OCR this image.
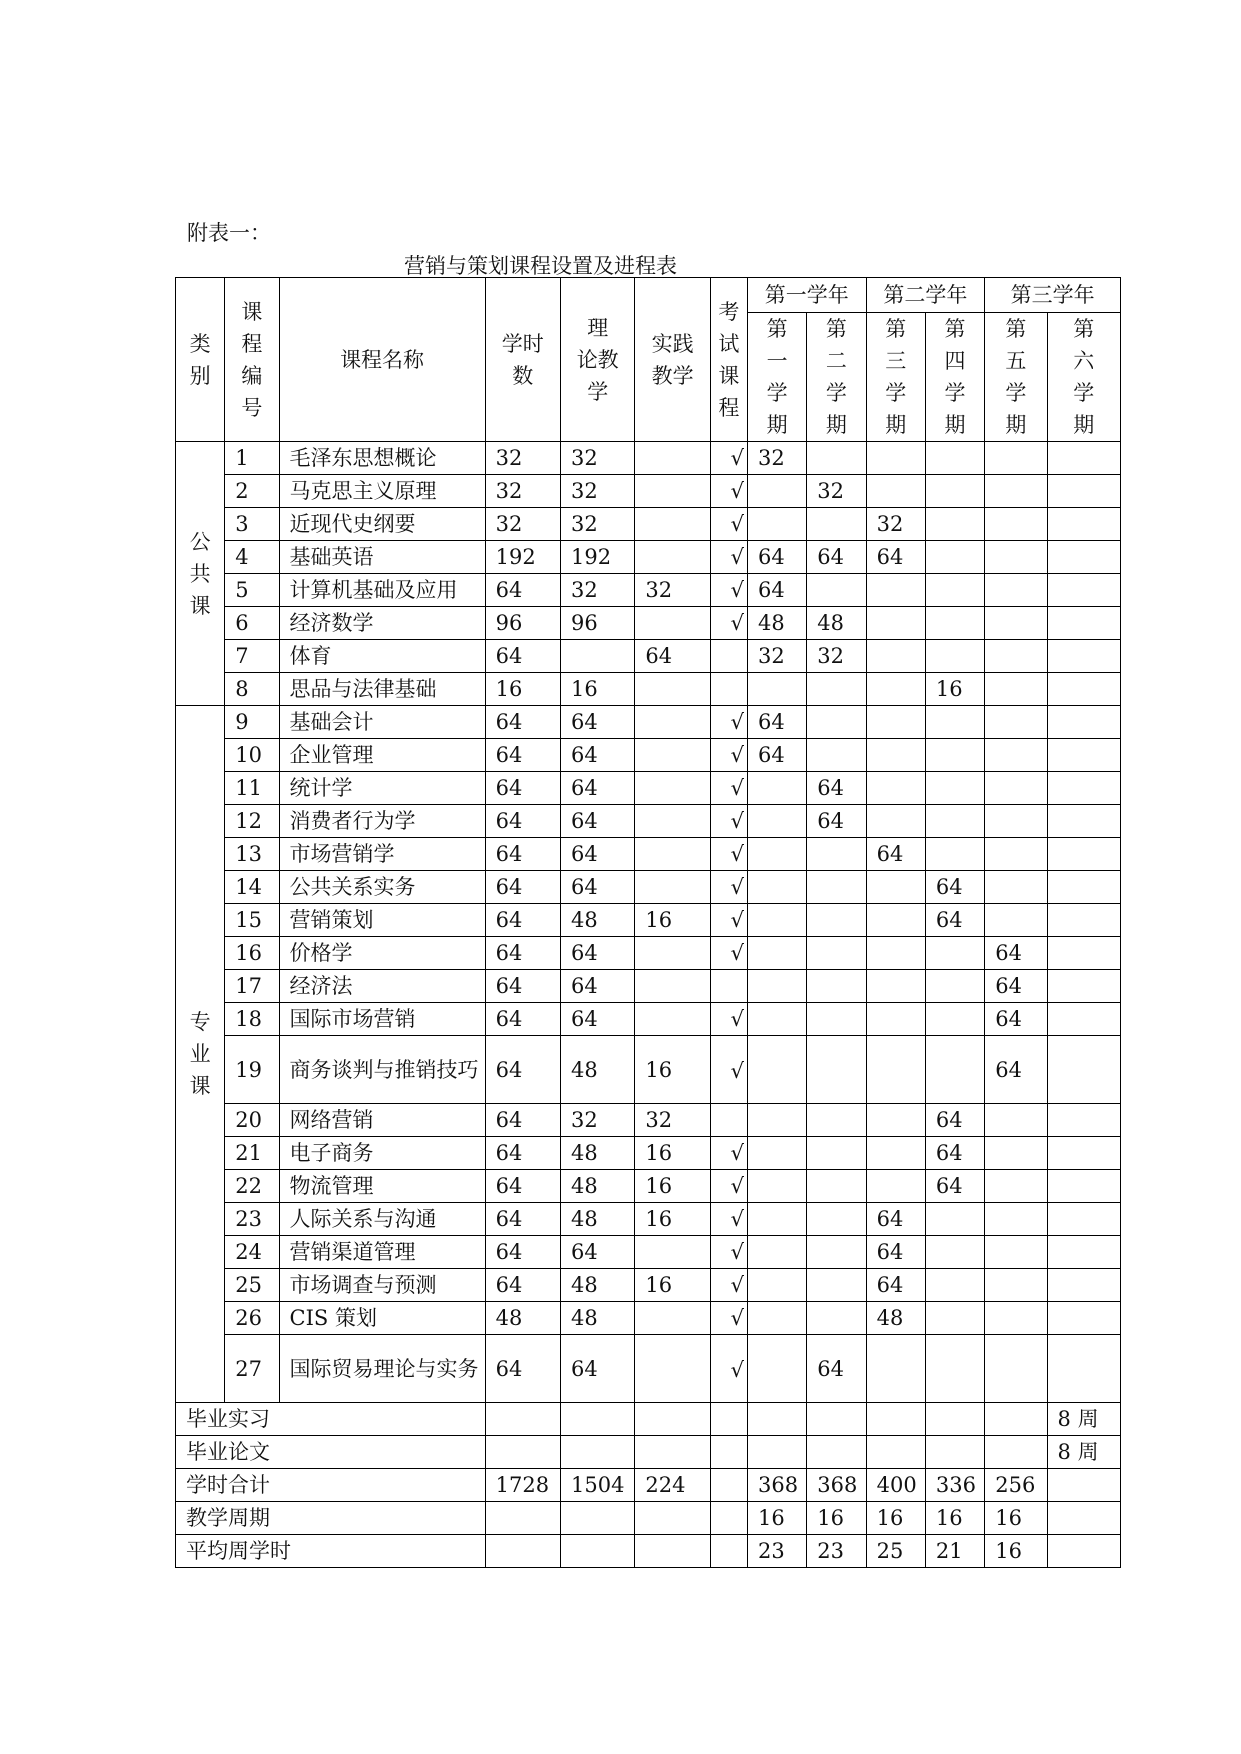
附表一：
营销与策划课程设置及进程表
类别	课程编号	课程名称	学时数	理 论教学	实践教学	考试课程	第一学年		第二学年		第三学年	
							第一学期	第二学期	第三学期	第四学期	第五学期	第六学期
公共课	1	毛泽东思想概论	32	32		√	32					
	2	马克思主义原理	32	32		√		32				
	3	近现代史纲要	32	32		√			32			
	4	基础英语	192	192		√	64	64	64			
	5	计算机基础及应用	64	32	32	√	64					
	6	经济数学	96	96		√	48	48				
	7	体育	64		64		32	32				
	8	思品与法律基础	16	16						16		
专业课	9	基础会计	64	64		√	64					
	10	企业管理	64	64		√	64					
	11	统计学	64	64		√		64				
	12	消费者行为学	64	64		√		64				
	13	市场营销学	64	64		√			64			
	14	公共关系实务	64	64		√				64		
	15	营销策划	64	48	16	√				64		
	16	价格学	64	64		√					64	
	17	经济法	64	64							64	
	18	国际市场营销	64	64		√					64	
	19	商务谈判与推销技巧	64	48	16	√					64	
	20	网络营销	64	32	32					64		
	21	电子商务	64	48	16	√				64		
	22	物流管理	64	48	16	√				64		
	23	人际关系与沟通	64	48	16	√			64			
	24	营销渠道管理	64	64		√			64			
	25	市场调查与预测	64	48	16	√			64			
	26	CIS 策划	48	48		√			48			
	27	国际贸易理论与实务	64	64		√		64				
毕业实习												8 周
毕业论文												8 周
学时合计			1728	1504	224		368	368	400	336	256	
教学周期							16	16	16	16	16	
平均周学时							23	23	25	21	16	
